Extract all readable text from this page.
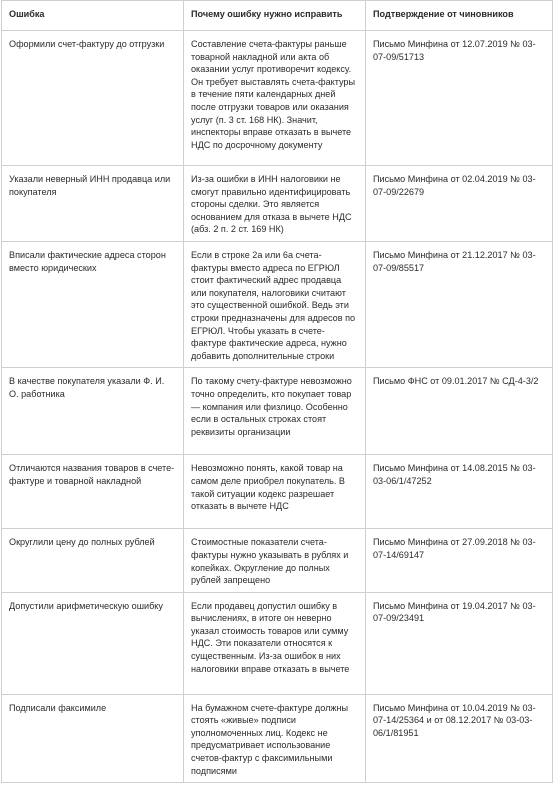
Ошибка	Почему ошибку нужно исправить	Подтверждение от чиновников
Оформили счет-фактуру до отгрузки	Составление счета-фактуры раньше товарной накладной или акта об оказании услуг противоречит кодексу. Он требует выставлять счета-фактуры в течение пяти календарных дней после отгрузки товаров или оказания услуг (п. 3 ст. 168 НК). Значит, инспекторы вправе отказать в вычете НДС по досрочному документу	Письмо Минфина от 12.07.2019 № 03-07-09/51713
Указали неверный ИНН продавца или покупателя	Из-за ошибки в ИНН налоговики не смогут правильно идентифицировать стороны сделки. Это является основанием для отказа в вычете НДС (абз. 2 п. 2 ст. 169 НК)	Письмо Минфина от 02.04.2019 № 03-07-09/22679
Вписали фактические адреса сторон вместо юридических	Если в строке 2а или 6а счета-фактуры вместо адреса по ЕГРЮЛ стоит фактический адрес продавца или покупателя, налоговики считают это существенной ошибкой. Ведь эти строки предназначены для адресов по ЕГРЮЛ. Чтобы указать в счете-фактуре фактические адреса, нужно добавить дополнительные строки	Письмо Минфина от 21.12.2017 № 03-07-09/85517
В качестве покупателя указали Ф. И. О. работника	По такому счету-фактуре невозможно точно определить, кто покупает товар — компания или физлицо. Особенно если в остальных строках стоят реквизиты организации	Письмо ФНС от 09.01.2017 № СД-4-3/2
Отличаются названия товаров в счете-фактуре и товарной накладной	Невозможно понять, какой товар на самом деле приобрел покупатель. В такой ситуации кодекс разрешает отказать в вычете НДС	Письмо Минфина от 14.08.2015 № 03-03-06/1/47252
Округлили цену до полных рублей	Стоимостные показатели счета-фактуры нужно указывать в рублях и копейках. Округление до полных рублей запрещено	Письмо Минфина от 27.09.2018 № 03-07-14/69147
Допустили арифметическую ошибку	Если продавец допустил ошибку в вычислениях, в итоге он неверно указал стоимость товаров или сумму НДС. Эти показатели относятся к существенным. Из-за ошибок в них налоговики вправе отказать в вычете	Письмо Минфина от 19.04.2017 № 03-07-09/23491
Подписали факсимиле	На бумажном счете-фактуре должны стоять «живые» подписи уполномоченных лиц. Кодекс не предусматривает использование счетов-фактур с факсимильными подписями	Письмо Минфина от 10.04.2019 № 03-07-14/25364 и от 08.12.2017 № 03-03-06/1/81951
